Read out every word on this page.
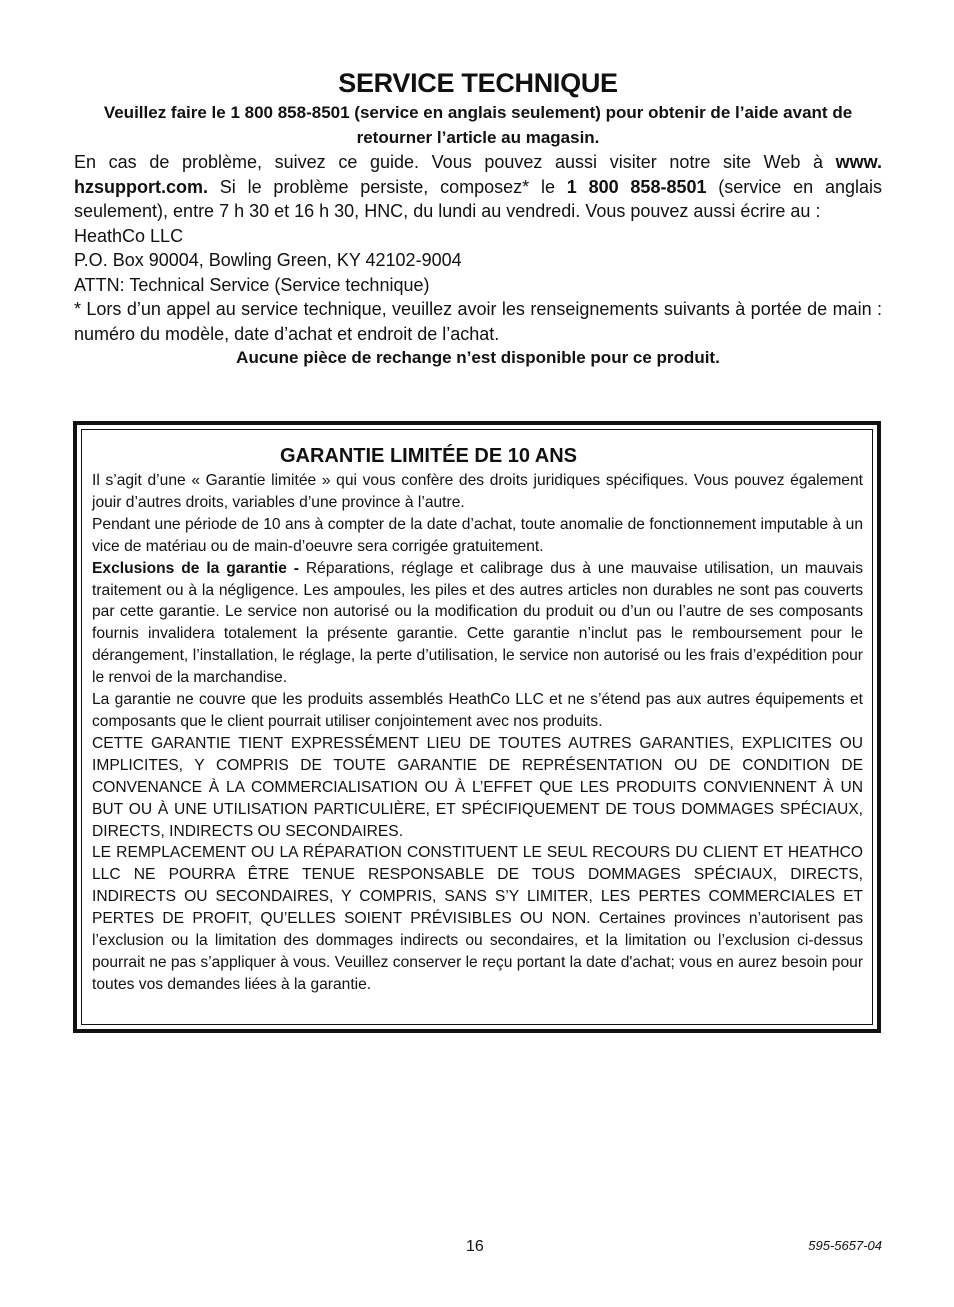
SERVICE TECHNIQUE

Veuillez faire le 1 800 858-8501 (service en anglais seulement) pour obtenir de l’aide avant de retourner l’article au magasin.

En cas de problème, suivez ce guide. Vous pouvez aussi visiter notre site Web à www. hzsupport.com. Si le problème persiste, composez* le 1 800 858-8501 (service en anglais seulement), entre 7 h 30 et 16 h 30, HNC, du lundi au vendredi. Vous pouvez aussi écrire au :

HeathCo LLC
P.O. Box 90004, Bowling Green, KY 42102-9004
ATTN: Technical Service (Service technique)

* Lors d’un appel au service technique, veuillez avoir les renseignements suivants à portée de main : numéro du modèle, date d’achat et endroit de l’achat.

Aucune pièce de rechange n’est disponible pour ce produit.
GARANTIE LIMITÉE DE 10 ANS

Il s’agit d’une « Garantie limitée » qui vous confère des droits juridiques spécifiques. Vous pouvez également jouir d’autres droits, variables d’une province à l’autre.

Pendant une période de 10 ans à compter de la date d’achat, toute anomalie de fonctionnement imputable à un vice de matériau ou de main-d’oeuvre sera corrigée gratuitement.

Exclusions de la garantie - Réparations, réglage et calibrage dus à une mauvaise utilisation, un mauvais traitement ou à la négligence. Les ampoules, les piles et des autres articles non durables ne sont pas couverts par cette garantie. Le service non autorisé ou la modification du produit ou d’un ou l’autre de ses composants fournis invalidera totalement la présente garantie. Cette garantie n’inclut pas le remboursement pour le dérangement, l’installation, le réglage, la perte d’utilisation, le service non autorisé ou les frais d’expédition pour le renvoi de la marchandise.

La garantie ne couvre que les produits assemblés HeathCo LLC et ne s’étend pas aux autres équipements et composants que le client pourrait utiliser conjointement avec nos produits.

CETTE GARANTIE TIENT EXPRESSÉMENT LIEU DE TOUTES AUTRES GARANTIES, EXPLICITES OU IMPLICITES, Y COMPRIS DE TOUTE GARANTIE DE REPRÉSENTATION OU DE CONDITION DE CONVENANCE À LA COMMERCIALISATION OU À L’EFFET QUE LES PRODUITS CONVIENNENT À UN BUT OU À UNE UTILISATION PARTICULIÈRE, ET SPÉCIFIQUEMENT DE TOUS DOMMAGES SPÉCIAUX, DIRECTS, INDIRECTS OU SECONDAIRES.

LE REMPLACEMENT OU LA RÉPARATION CONSTITUENT LE SEUL RECOURS DU CLIENT ET HEATHCO LLC NE POURRA ÊTRE TENUE RESPONSABLE DE TOUS DOMMAGES SPÉCIAUX, DIRECTS, INDIRECTS OU SECONDAIRES, Y COMPRIS, SANS S’Y LIMITER, LES PERTES COMMERCIALES ET PERTES DE PROFIT, QU’ELLES SOIENT PRÉVISIBLES OU NON. Certaines provinces n’autorisent pas l’exclusion ou la limitation des dommages indirects ou secondaires, et la limitation ou l’exclusion ci-dessus pourrait ne pas s’appliquer à vous. Veuillez conserver le reçu portant la date d'achat; vous en aurez besoin pour toutes vos demandes liées à la garantie.

16	595-5657-04
